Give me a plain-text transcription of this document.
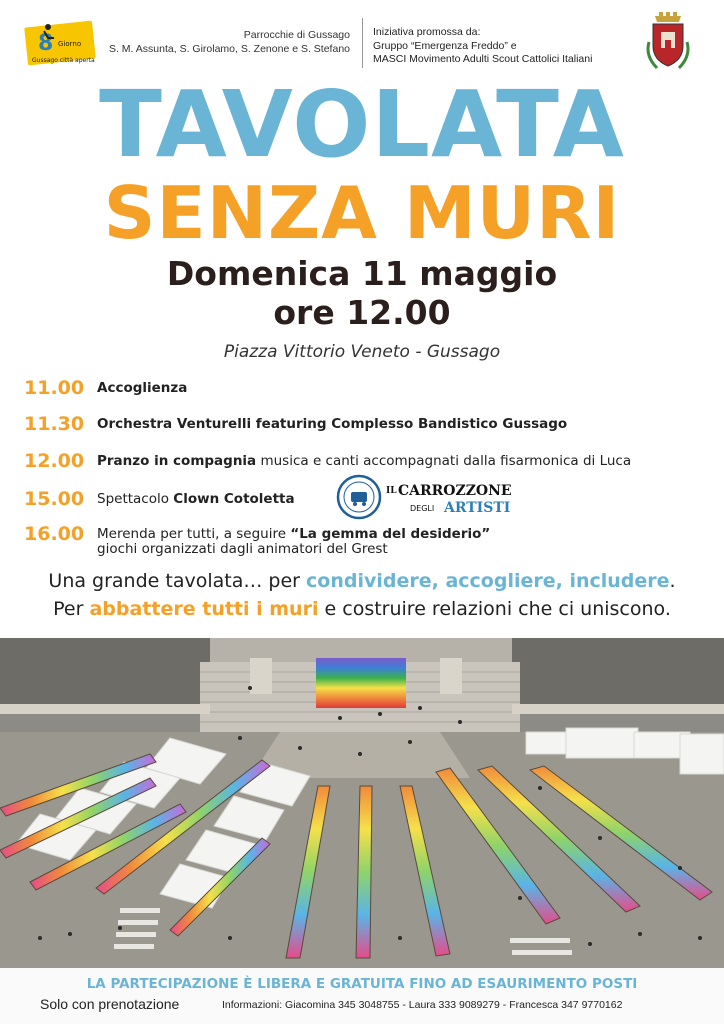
8 Giorno
Gussago città aperta
Parrocchie di Gussago
S. M. Assunta, S. Girolamo, S. Zenone e S. Stefano
Iniziativa promossa da:
Gruppo “Emergenza Freddo” e
MASCI Movimento Adulti Scout Cattolici Italiani
TAVOLATA
SENZA MURI
Domenica 11 maggio
ore 12.00
Piazza Vittorio Veneto - Gussago
11.00 Accoglienza
11.30 Orchestra Venturelli featuring Complesso Bandistico Gussago
12.00 Pranzo in compagnia musica e canti accompagnati dalla fisarmonica di Luca
15.00 Spettacolo Clown Cotoletta
16.00 Merenda per tutti, a seguire “La gemma del desiderio”
giochi organizzati dagli animatori del Grest
IL CARROZZONE
DEGLI ARTISTI
Una grande tavolata… per condividere, accogliere, includere.
Per abbattere tutti i muri e costruire relazioni che ci uniscono.
LA PARTECIPAZIONE È LIBERA E GRATUITA FINO AD ESAURIMENTO POSTI
Solo con prenotazione	Informazioni: Giacomina 345 3048755 - Laura 333 9089279 - Francesca 347 9770162
